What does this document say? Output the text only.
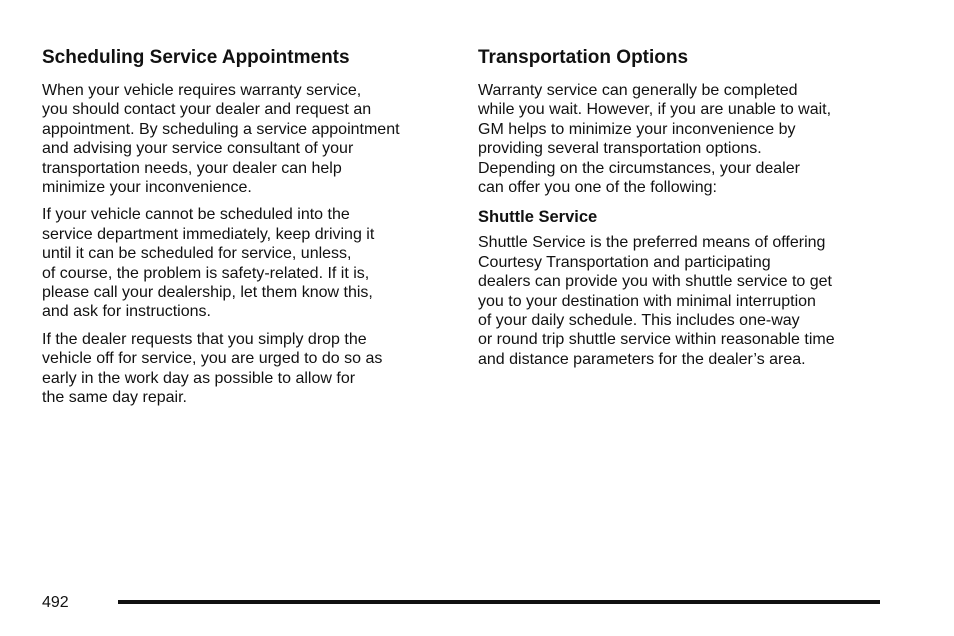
Scheduling Service Appointments

When your vehicle requires warranty service,
you should contact your dealer and request an
appointment. By scheduling a service appointment
and advising your service consultant of your
transportation needs, your dealer can help
minimize your inconvenience.

If your vehicle cannot be scheduled into the
service department immediately, keep driving it
until it can be scheduled for service, unless,
of course, the problem is safety-related. If it is,
please call your dealership, let them know this,
and ask for instructions.

If the dealer requests that you simply drop the
vehicle off for service, you are urged to do so as
early in the work day as possible to allow for
the same day repair.

Transportation Options

Warranty service can generally be completed
while you wait. However, if you are unable to wait,
GM helps to minimize your inconvenience by
providing several transportation options.
Depending on the circumstances, your dealer
can offer you one of the following:

Shuttle Service

Shuttle Service is the preferred means of offering
Courtesy Transportation and participating
dealers can provide you with shuttle service to get
you to your destination with minimal interruption
of your daily schedule. This includes one-way
or round trip shuttle service within reasonable time
and distance parameters for the dealer’s area.

492
